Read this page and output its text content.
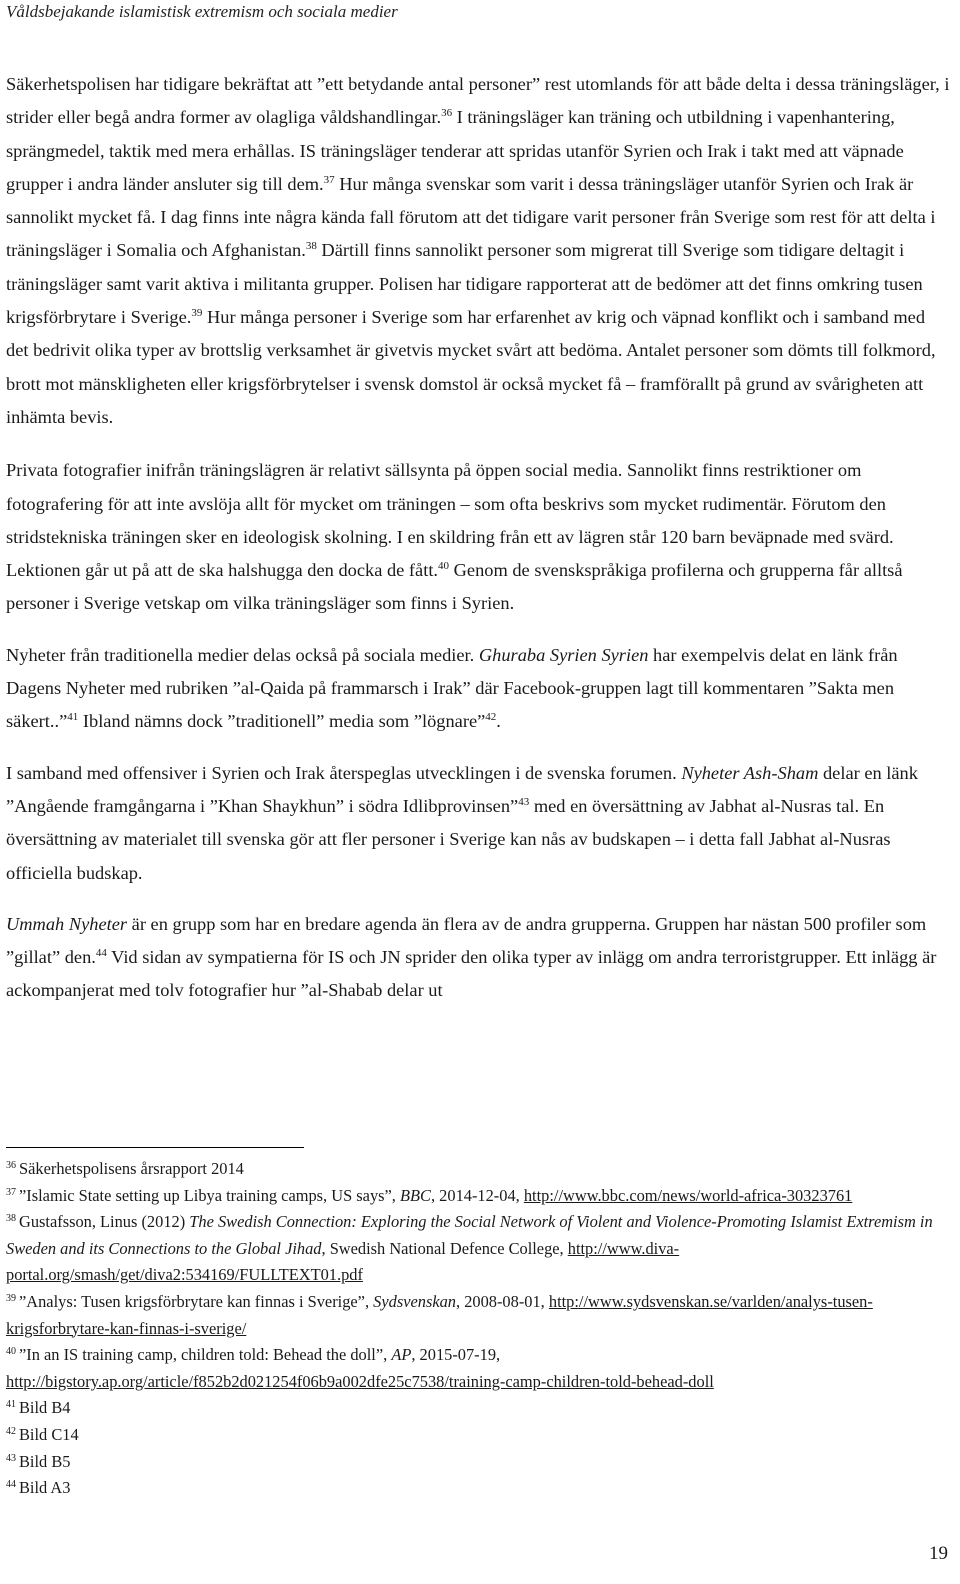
Våldsbejakande islamistisk extremism och sociala medier

Säkerhetspolisen har tidigare bekräftat att ”ett betydande antal personer” rest utomlands för att både delta i dessa träningsläger, i strider eller begå andra former av olagliga våldshandlingar.$^{36}$ I träningsläger kan träning och utbildning i vapenhantering, sprängmedel, taktik med mera erhållas. IS träningsläger tenderar att spridas utanför Syrien och Irak i takt med att väpnade grupper i andra länder ansluter sig till dem.$^{37}$ Hur många svenskar som varit i dessa träningsläger utanför Syrien och Irak är sannolikt mycket få. I dag finns inte några kända fall förutom att det tidigare varit personer från Sverige som rest för att delta i träningsläger i Somalia och Afghanistan.$^{38}$ Därtill finns sannolikt personer som migrerat till Sverige som tidigare deltagit i träningsläger samt varit aktiva i militanta grupper. Polisen har tidigare rapporterat att de bedömer att det finns omkring tusen krigsförbrytare i Sverige.$^{39}$ Hur många personer i Sverige som har erfarenhet av krig och väpnad konflikt och i samband med det bedrivit olika typer av brottslig verksamhet är givetvis mycket svårt att bedöma. Antalet personer som dömts till folkmord, brott mot mänskligheten eller krigsförbrytelser i svensk domstol är också mycket få – framförallt på grund av svårigheten att inhämta bevis.

Privata fotografier inifrån träningslägren är relativt sällsynta på öppen social media. Sannolikt finns restriktioner om fotografering för att inte avslöja allt för mycket om träningen – som ofta beskrivs som mycket rudimentär. Förutom den stridstekniska träningen sker en ideologisk skolning. I en skildring från ett av lägren står 120 barn beväpnade med svärd. Lektionen går ut på att de ska halshugga den docka de fått.$^{40}$ Genom de svenskspråkiga profilerna och grupperna får alltså personer i Sverige vetskap om vilka träningsläger som finns i Syrien.

Nyheter från traditionella medier delas också på sociala medier. Ghuraba Syrien Syrien har exempelvis delat en länk från Dagens Nyheter med rubriken ”al-Qaida på frammarsch i Irak” där Facebook-gruppen lagt till kommentaren ”Sakta men säkert..”$^{41}$ Ibland nämns dock ”traditionell” media som ”lögnare”$^{42}$.

I samband med offensiver i Syrien och Irak återspeglas utvecklingen i de svenska forumen. Nyheter Ash-Sham delar en länk ”Angående framgångarna i ”Khan Shaykhun” i södra Idlibprovinsen”$^{43}$ med en översättning av Jabhat al-Nusras tal. En översättning av materialet till svenska gör att fler personer i Sverige kan nås av budskapen – i detta fall Jabhat al-Nusras officiella budskap.

Ummah Nyheter är en grupp som har en bredare agenda än flera av de andra grupperna. Gruppen har nästan 500 profiler som ”gillat” den.$^{44}$ Vid sidan av sympatierna för IS och JN sprider den olika typer av inlägg om andra terroristgrupper. Ett inlägg är ackompanjerat med tolv fotografier hur ”al-Shabab delar ut

$^{36}$ Säkerhetspolisens årsrapport 2014

$^{37}$ ”Islamic State setting up Libya training camps, US says”, BBC, 2014-12-04, http://www.bbc.com/news/world-africa-30323761

$^{38}$ Gustafsson, Linus (2012) The Swedish Connection: Exploring the Social Network of Violent and Violence-Promoting Islamist Extremism in Sweden and its Connections to the Global Jihad, Swedish National Defence College, http://www.diva-portal.org/smash/get/diva2:534169/FULLTEXT01.pdf

$^{39}$ ”Analys: Tusen krigsförbrytare kan finnas i Sverige”, Sydsvenskan, 2008-08-01, http://www.sydsvenskan.se/varlden/analys-tusen-krigsforbrytare-kan-finnas-i-sverige/

$^{40}$ ”In an IS training camp, children told: Behead the doll”, AP, 2015-07-19, http://bigstory.ap.org/article/f852b2d021254f06b9a002dfe25c7538/training-camp-children-told-behead-doll

$^{41}$ Bild B4

$^{42}$ Bild C14

$^{43}$ Bild B5

$^{44}$ Bild A3

19
